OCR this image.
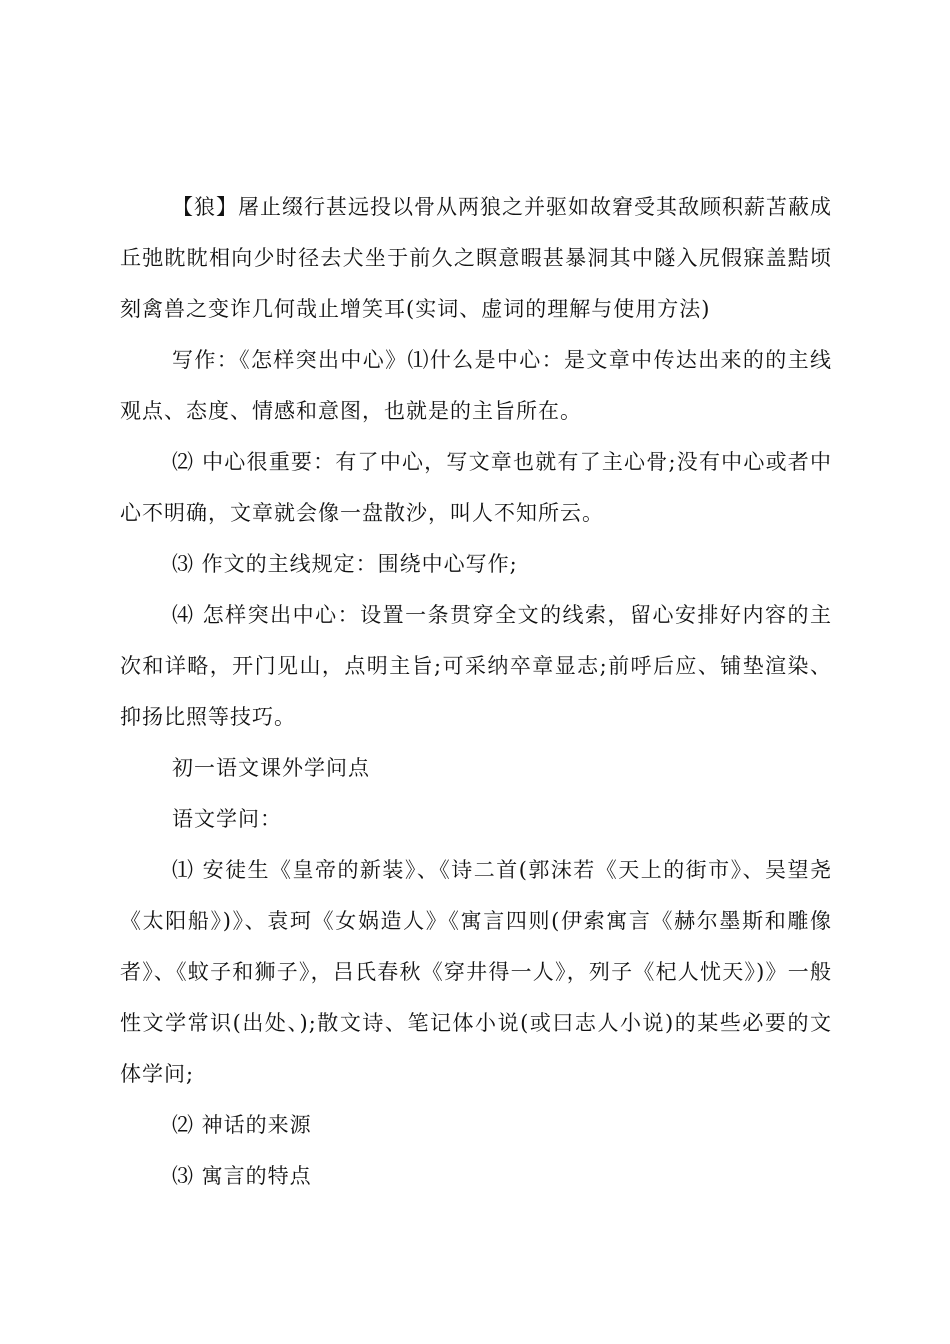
【狼】屠止缀行甚远投以骨从两狼之并驱如故窘受其敌顾积薪苫蔽成丘弛眈眈相向少时径去犬坐于前久之瞑意暇甚暴洞其中隧入尻假寐盖黠顷刻禽兽之变诈几何哉止增笑耳(实词、虚词的理解与使用方法)

写作：《怎样突出中心》⑴什么是中心：是文章中传达出来的的主线观点、态度、情感和意图，也就是的主旨所在。

⑵ 中心很重要：有了中心，写文章也就有了主心骨;没有中心或者中心不明确，文章就会像一盘散沙，叫人不知所云。

⑶ 作文的主线规定：围绕中心写作;

⑷ 怎样突出中心：设置一条贯穿全文的线索，留心安排好内容的主次和详略，开门见山，点明主旨;可采纳卒章显志;前呼后应、铺垫渲染、抑扬比照等技巧。

初一语文课外学问点

语文学问：

⑴ 安徒生《皇帝的新装》、《诗二首(郭沫若《天上的街市》、吴望尧《太阳船》)》、袁珂《女娲造人》《寓言四则(伊索寓言《赫尔墨斯和雕像者》、《蚊子和狮子》，吕氏春秋《穿井得一人》，列子《杞人忧天》)》一般性文学常识(出处、);散文诗、笔记体小说(或曰志人小说)的某些必要的文体学问;

⑵ 神话的来源

⑶ 寓言的特点
